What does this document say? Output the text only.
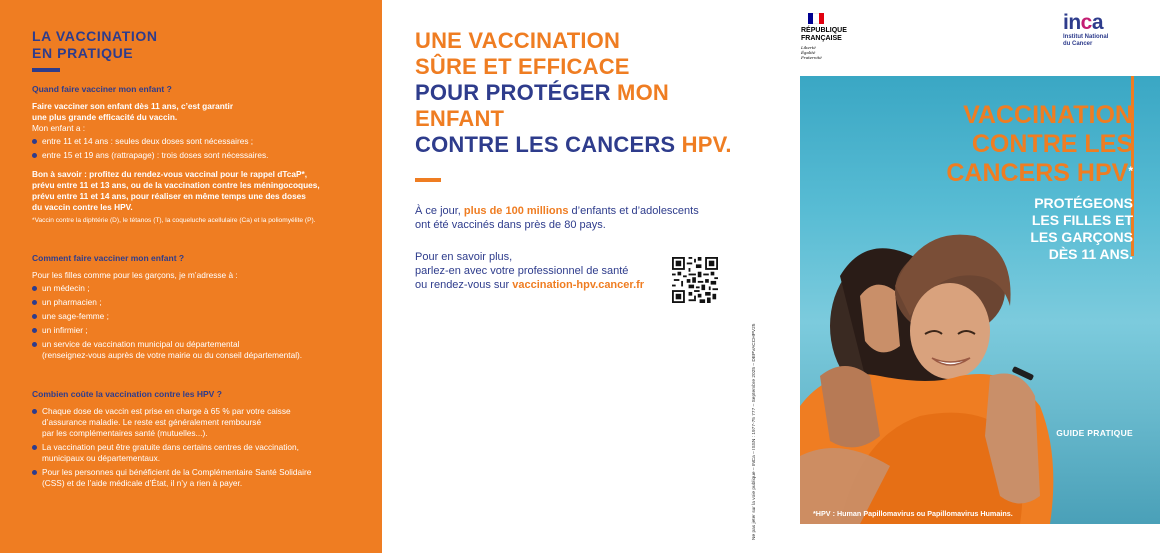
LA VACCINATION
EN PRATIQUE
Quand faire vacciner mon enfant ?

Faire vacciner son enfant dès 11 ans, c’est garantir

une plus grande efficacité du vaccin.

Mon enfant a :

entre 11 et 14 ans : seules deux doses sont nécessaires ;
entre 15 et 19 ans (rattrapage) : trois doses sont nécessaires.

Bon à savoir : profitez du rendez-vous vaccinal pour le rappel dTcaP*,

prévu entre 11 et 13 ans, ou de la vaccination contre les méningocoques,

prévu entre 11 et 14 ans, pour réaliser en même temps une des doses

du vaccin contre les HPV.

*Vaccin contre la diphtérie (D), le tétanos (T), la coqueluche acellulaire (Ca) et la poliomyélite (P).

Comment faire vacciner mon enfant ?

Pour les filles comme pour les garçons, je m’adresse à :

un médecin ;
un pharmacien ;
une sage-femme ;
un infirmier ;
un service de vaccination municipal ou départemental
(renseignez-vous auprès de votre mairie ou du conseil départemental).
Combien coûte la vaccination contre les HPV ?
Chaque dose de vaccin est prise en charge à 65 % par votre caisse
d’assurance maladie. Le reste est généralement remboursé
par les complémentaires santé (mutuelles...).
La vaccination peut être gratuite dans certains centres de vaccination,
municipaux ou départementaux.
Pour les personnes qui bénéficient de la Complémentaire Santé Solidaire
(CSS) et de l’aide médicale d’État, il n’y a rien à payer.
UNE VACCINATION
SÛRE ET EFFICACE
POUR PROTÉGER MON ENFANT
CONTRE LES CANCERS HPV.

À ce jour, plus de 100 millions d’enfants et d’adolescents
ont été vaccinés dans près de 80 pays.

Pour en savoir plus,
parlez-en avec votre professionnel de santé
ou rendez-vous sur vaccination-hpv.cancer.fr

Ne pas jeter sur la voie publique – INCa – ISSN : 1977-75 777 – Septembre 2025 – DEPVACCHPV25
RÉPUBLIQUE
FRANÇAISE
Liberté
Égalité
Fraternité
inca
Institut National
du Cancer
VACCINATION
CONTRE LES
CANCERS HPV*
PROTÉGEONS
LES FILLES ET
LES GARÇONS
DÈS 11 ANS.
GUIDE PRATIQUE
*HPV : Human Papillomavirus ou Papillomavirus Humains.
